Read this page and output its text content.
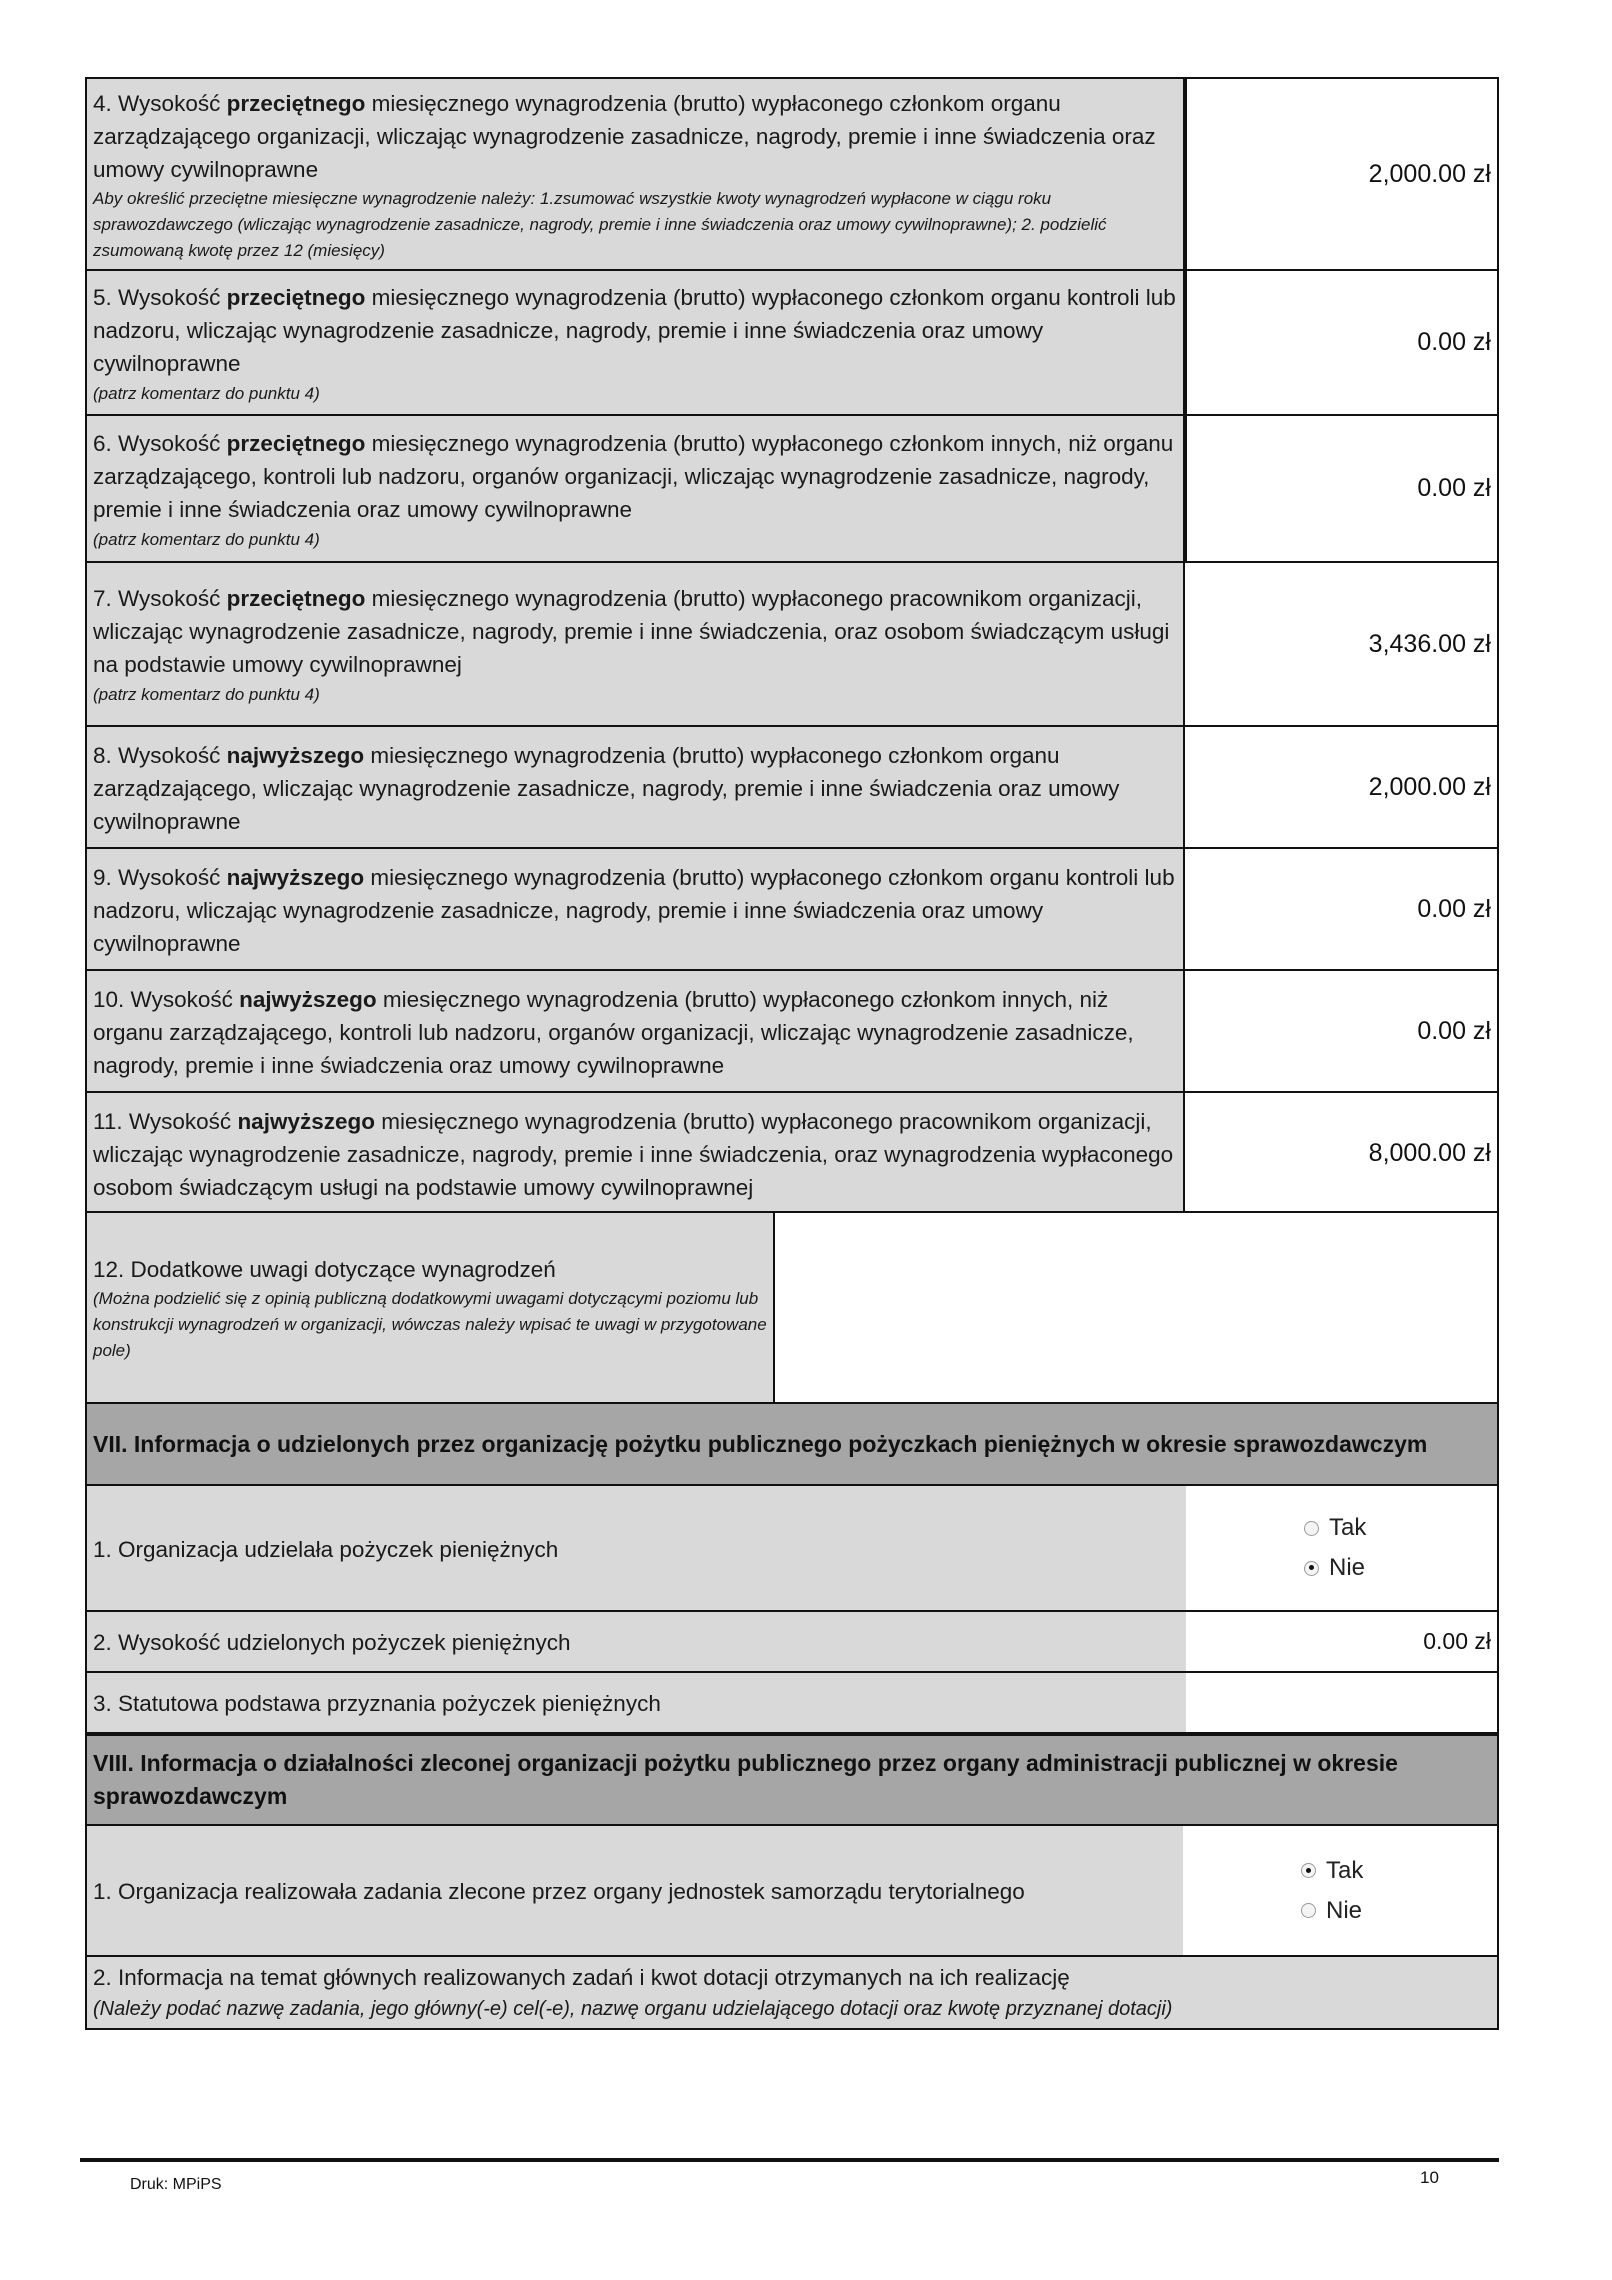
4. Wysokość przeciętnego miesięcznego wynagrodzenia (brutto) wypłaconego członkom organu zarządzającego organizacji, wliczając wynagrodzenie zasadnicze, nagrody, premie i inne świadczenia oraz umowy cywilnoprawne
Aby określić przeciętne miesięczne wynagrodzenie należy: 1.zsumować wszystkie kwoty wynagrodzeń wypłacone w ciągu roku sprawozdawczego (wliczając wynagrodzenie zasadnicze, nagrody, premie i inne świadczenia oraz umowy cywilnoprawne); 2. podzielić zsumowaną kwotę przez 12 (miesięcy)
2,000.00 zł
5. Wysokość przeciętnego miesięcznego wynagrodzenia (brutto) wypłaconego członkom organu kontroli lub nadzoru, wliczając wynagrodzenie zasadnicze, nagrody, premie i inne świadczenia oraz umowy cywilnoprawne
(patrz komentarz do punktu 4)
0.00 zł
6. Wysokość przeciętnego miesięcznego wynagrodzenia (brutto) wypłaconego członkom innych, niż organu zarządzającego, kontroli lub nadzoru, organów organizacji, wliczając wynagrodzenie zasadnicze, nagrody, premie i inne świadczenia oraz umowy cywilnoprawne
(patrz komentarz do punktu 4)
0.00 zł
7. Wysokość przeciętnego miesięcznego wynagrodzenia (brutto) wypłaconego pracownikom organizacji, wliczając wynagrodzenie zasadnicze, nagrody, premie i inne świadczenia, oraz osobom świadczącym usługi na podstawie umowy cywilnoprawnej
(patrz komentarz do punktu 4)
3,436.00 zł
8. Wysokość najwyższego miesięcznego wynagrodzenia (brutto) wypłaconego członkom organu zarządzającego, wliczając wynagrodzenie zasadnicze, nagrody, premie i inne świadczenia oraz umowy cywilnoprawne
2,000.00 zł
9. Wysokość najwyższego miesięcznego wynagrodzenia (brutto) wypłaconego członkom organu kontroli lub nadzoru, wliczając wynagrodzenie zasadnicze, nagrody, premie i inne świadczenia oraz umowy cywilnoprawne
0.00 zł
10. Wysokość najwyższego miesięcznego wynagrodzenia (brutto) wypłaconego członkom innych, niż organu zarządzającego, kontroli lub nadzoru, organów organizacji, wliczając wynagrodzenie zasadnicze, nagrody, premie i inne świadczenia oraz umowy cywilnoprawne
0.00 zł
11. Wysokość najwyższego miesięcznego wynagrodzenia (brutto) wypłaconego pracownikom organizacji, wliczając wynagrodzenie zasadnicze, nagrody, premie i inne świadczenia, oraz wynagrodzenia wypłaconego osobom świadczącym usługi na podstawie umowy cywilnoprawnej
8,000.00 zł
12. Dodatkowe uwagi dotyczące wynagrodzeń
(Można podzielić się z opinią publiczną dodatkowymi uwagami dotyczącymi poziomu lub konstrukcji wynagrodzeń w organizacji, wówczas należy wpisać te uwagi w przygotowane pole)
VII. Informacja o udzielonych przez organizację pożytku publicznego pożyczkach pieniężnych w okresie sprawozdawczym
1. Organizacja udzielała pożyczek pieniężnych
Tak
Nie
2. Wysokość udzielonych pożyczek pieniężnych	0.00 zł
3. Statutowa podstawa przyznania pożyczek pieniężnych
VIII. Informacja o działalności zleconej organizacji pożytku publicznego przez organy administracji publicznej w okresie sprawozdawczym
1. Organizacja realizowała zadania zlecone przez organy jednostek samorządu terytorialnego
Tak
Nie
2. Informacja na temat głównych realizowanych zadań i kwot dotacji otrzymanych na ich realizację
(Należy podać nazwę zadania, jego główny(-e) cel(-e), nazwę organu udzielającego dotacji oraz kwotę przyznanej dotacji)
Druk: MPiPS	10
